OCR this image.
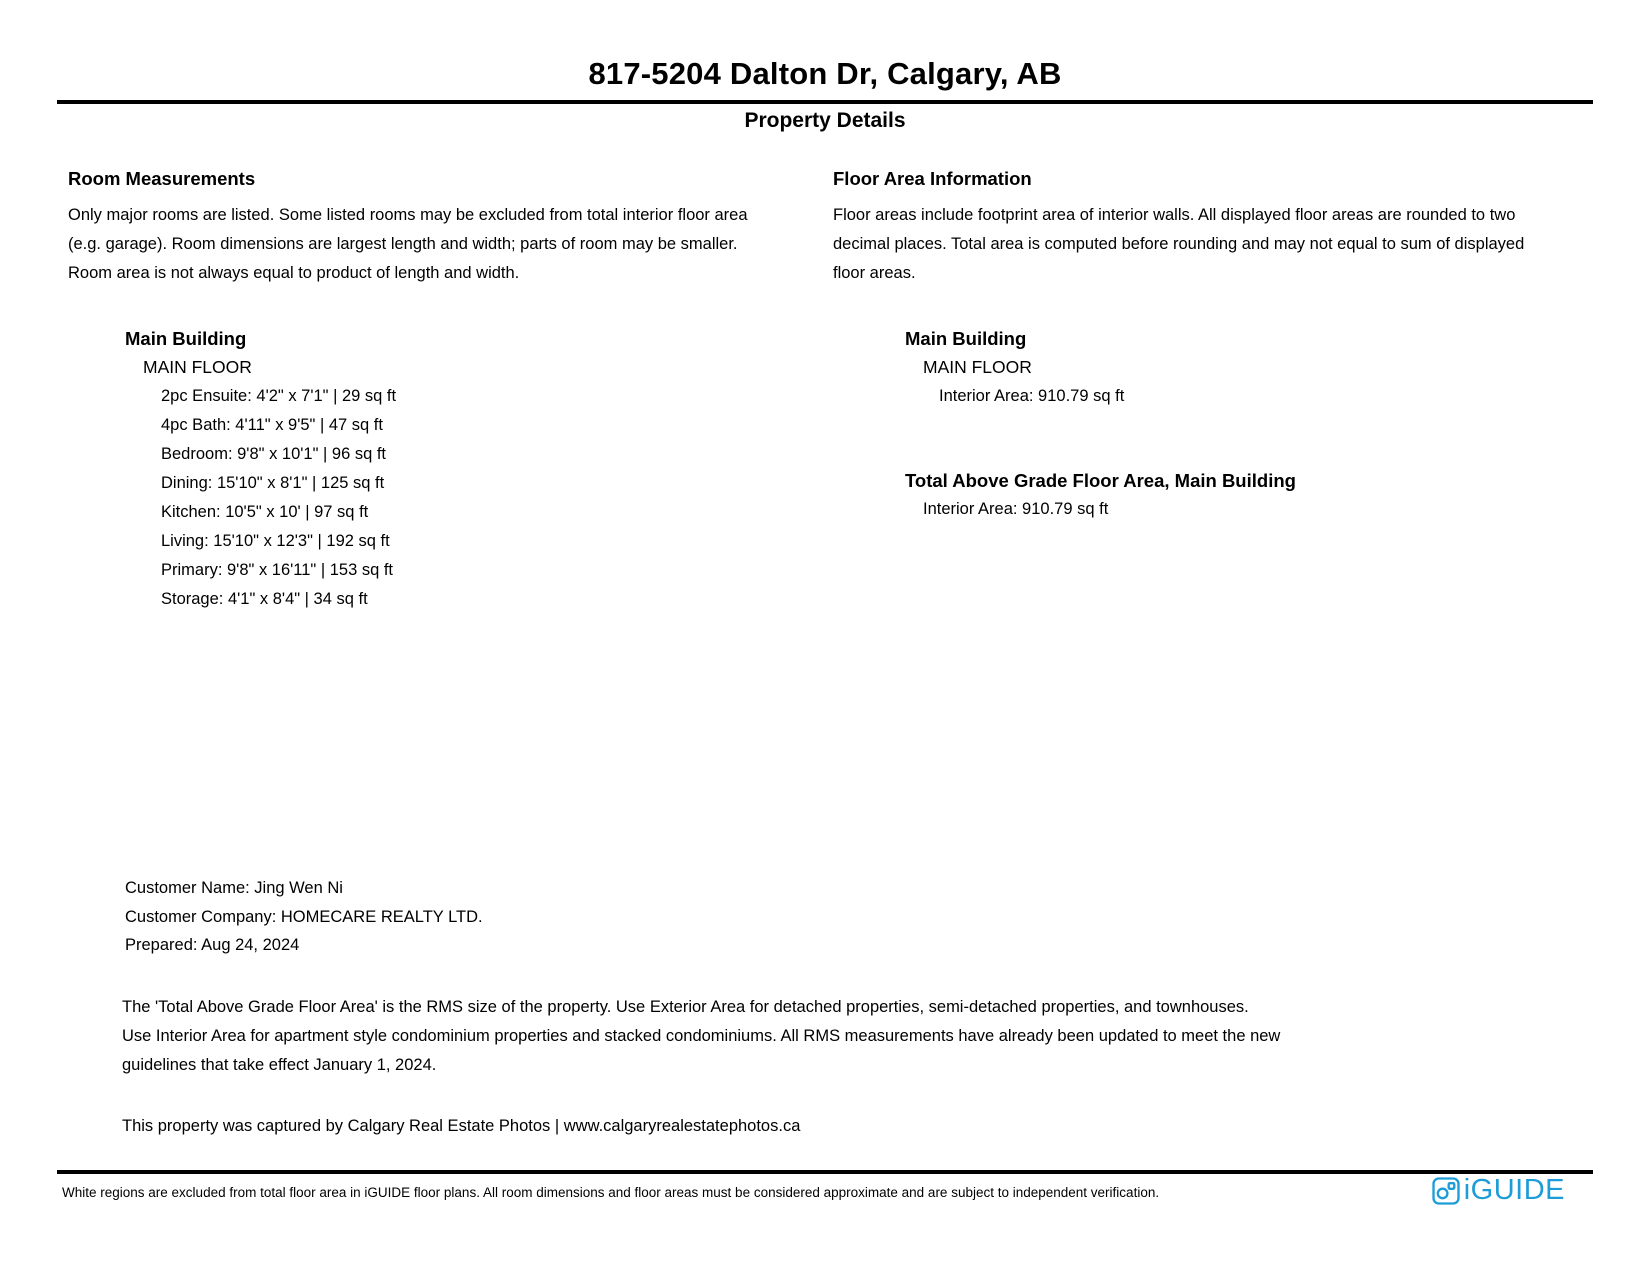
817-5204 Dalton Dr, Calgary, AB
Property Details
Room Measurements
Only major rooms are listed. Some listed rooms may be excluded from total interior floor area
(e.g. garage). Room dimensions are largest length and width; parts of room may be smaller.
Room area is not always equal to product of length and width.
Main Building
MAIN FLOOR
2pc Ensuite: 4'2" x 7'1" | 29 sq ft
4pc Bath: 4'11" x 9'5" | 47 sq ft
Bedroom: 9'8" x 10'1" | 96 sq ft
Dining: 15'10" x 8'1" | 125 sq ft
Kitchen: 10'5" x 10' | 97 sq ft
Living: 15'10" x 12'3" | 192 sq ft
Primary: 9'8" x 16'11" | 153 sq ft
Storage: 4'1" x 8'4" | 34 sq ft
Floor Area Information
Floor areas include footprint area of interior walls. All displayed floor areas are rounded to two
decimal places. Total area is computed before rounding and may not equal to sum of displayed
floor areas.
Main Building
MAIN FLOOR
Interior Area: 910.79 sq ft
Total Above Grade Floor Area, Main Building
Interior Area: 910.79 sq ft
Customer Name: Jing Wen Ni
Customer Company: HOMECARE REALTY LTD.
Prepared: Aug 24, 2024
The 'Total Above Grade Floor Area' is the RMS size of the property. Use Exterior Area for detached properties, semi-detached properties, and townhouses.
Use Interior Area for apartment style condominium properties and stacked condominiums. All RMS measurements have already been updated to meet the new
guidelines that take effect January 1, 2024.
This property was captured by Calgary Real Estate Photos | www.calgaryrealestatephotos.ca
White regions are excluded from total floor area in iGUIDE floor plans. All room dimensions and floor areas must be considered approximate and are subject to independent verification.	iGUIDE
